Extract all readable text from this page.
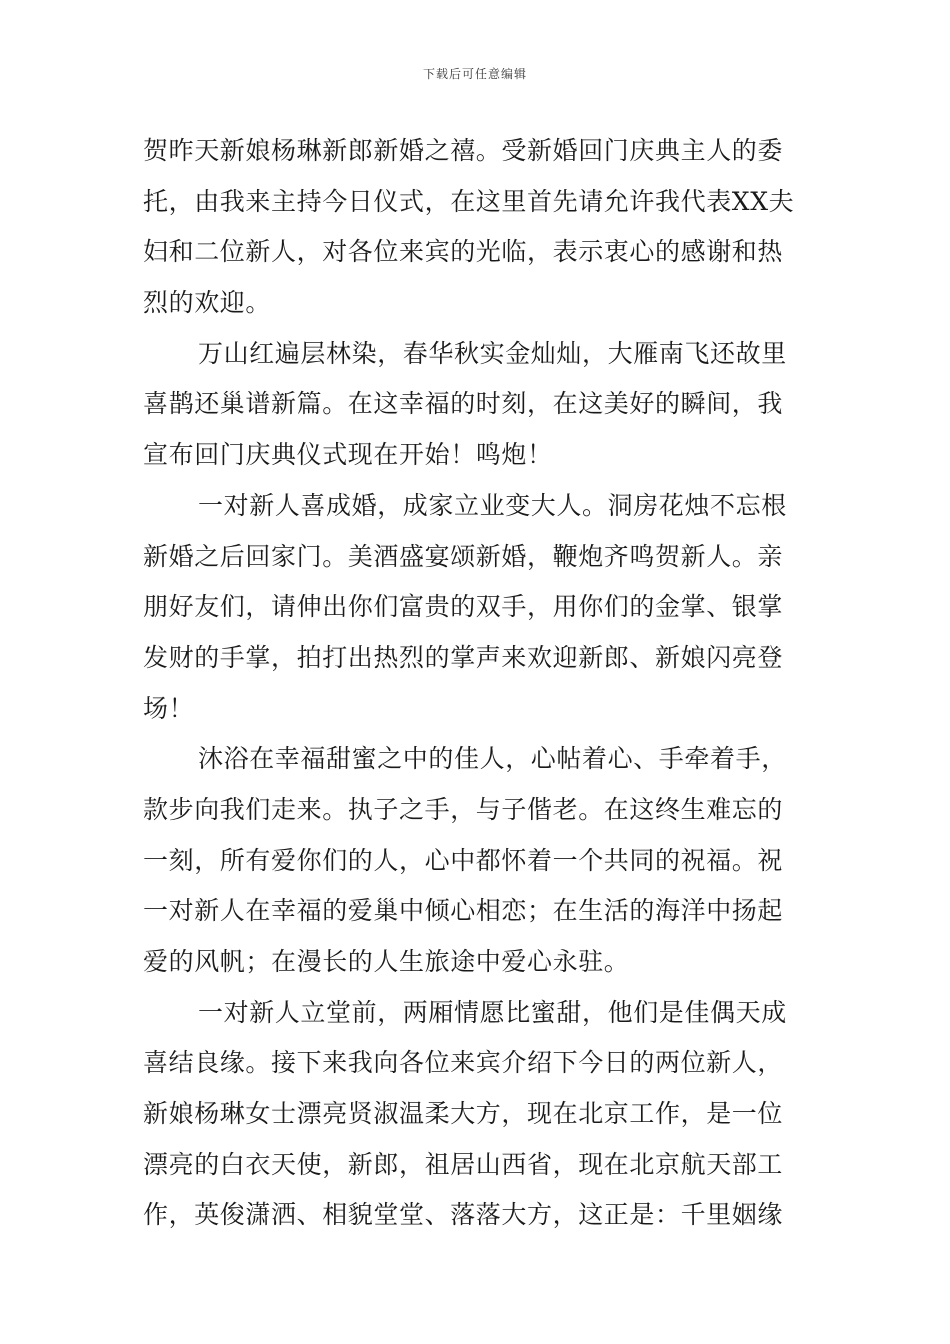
下载后可任意编辑
贺昨天新娘杨琳新郎新婚之禧。受新婚回门庆典主人的委
托，由我来主持今日仪式，在这里首先请允许我代表XX夫
妇和二位新人，对各位来宾的光临，表示衷心的感谢和热
烈的欢迎。
万山红遍层林染，春华秋实金灿灿，大雁南飞还故里
喜鹊还巢谱新篇。在这幸福的时刻，在这美好的瞬间，我
宣布回门庆典仪式现在开始！鸣炮！
一对新人喜成婚，成家立业变大人。洞房花烛不忘根
新婚之后回家门。美酒盛宴颂新婚，鞭炮齐鸣贺新人。亲
朋好友们，请伸出你们富贵的双手，用你们的金掌、银掌
发财的手掌，拍打出热烈的掌声来欢迎新郎、新娘闪亮登
场！
沐浴在幸福甜蜜之中的佳人，心帖着心、手牵着手，
款步向我们走来。执子之手，与子偕老。在这终生难忘的
一刻，所有爱你们的人，心中都怀着一个共同的祝福。祝
一对新人在幸福的爱巢中倾心相恋；在生活的海洋中扬起
爱的风帆；在漫长的人生旅途中爱心永驻。
一对新人立堂前，两厢情愿比蜜甜，他们是佳偶天成
喜结良缘。接下来我向各位来宾介绍下今日的两位新人，
新娘杨琳女士漂亮贤淑温柔大方，现在北京工作，是一位
漂亮的白衣天使，新郎，祖居山西省，现在北京航天部工
作，英俊潇洒、相貌堂堂、落落大方，这正是：千里姻缘
